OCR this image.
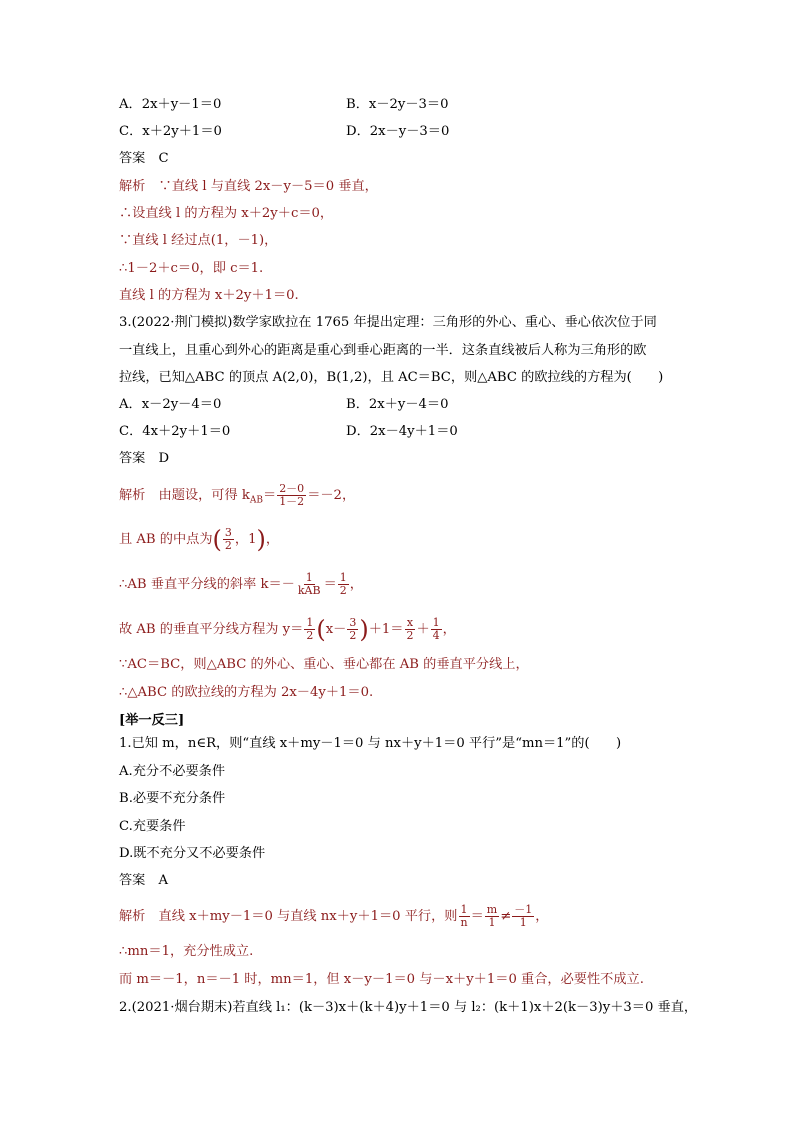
A．2x＋y－1＝0	B．x－2y－3＝0
C．x＋2y＋1＝0	D．2x－y－3＝0
答案　C
解析　∵直线 l 与直线 2x－y－5＝0 垂直，
∴设直线 l 的方程为 x＋2y＋c＝0，
∵直线 l 经过点(1，－1)，
∴1－2＋c＝0，即 c＝1.
直线 l 的方程为 x＋2y＋1＝0.
3.(2022·荆门模拟)数学家欧拉在 1765 年提出定理：三角形的外心、重心、垂心依次位于同
一直线上，且重心到外心的距离是重心到垂心距离的一半．这条直线被后人称为三角形的欧
拉线，已知△ABC 的顶点 A(2,0)，B(1,2)，且 AC＝BC，则△ABC 的欧拉线的方程为(　　)
A．x－2y－4＝0	B．2x＋y－4＝0
C．4x＋2y＋1＝0	D．2x－4y＋1＝0
答案　D
解析　由题设，可得 $k_{AB}= \frac{2-0}{1-2} =-2$，
且 AB 的中点为( $\frac{3}{2}$ ，1)，
∴AB 垂直平分线的斜率 $k=- \frac{1}{\text{kAB}} = \frac{1}{2}$ ，
故 AB 的垂直平分线方程为 $y= \frac{1}{2} (x- \frac{3}{2} )+1= \frac{x}{2} + \frac{1}{4}$ ，
∵AC＝BC，则△ABC 的外心、重心、垂心都在 AB 的垂直平分线上，
∴△ABC 的欧拉线的方程为 2x－4y＋1＝0.
[举一反三]
1.已知 m，n∈R，则“直线 x＋my－1＝0 与 nx＋y＋1＝0 平行”是“mn＝1”的(　　)
A.充分不必要条件
B.必要不充分条件
C.充要条件
D.既不充分又不必要条件
答案　A
解析　直线 x＋my－1＝0 与直线 nx＋y＋1＝0 平行，则 $\frac{1}{n} = \frac{m}{1} \ne \frac{-1}{1}$ ，
∴mn＝1，充分性成立.
而 m＝－1，n＝－1 时，mn＝1，但 x－y－1＝0 与－x＋y＋1＝0 重合，必要性不成立.
2.(2021·烟台期末)若直线 l₁：(k－3)x＋(k＋4)y＋1＝0 与 l₂：(k＋1)x＋2(k－3)y＋3＝0 垂直，
